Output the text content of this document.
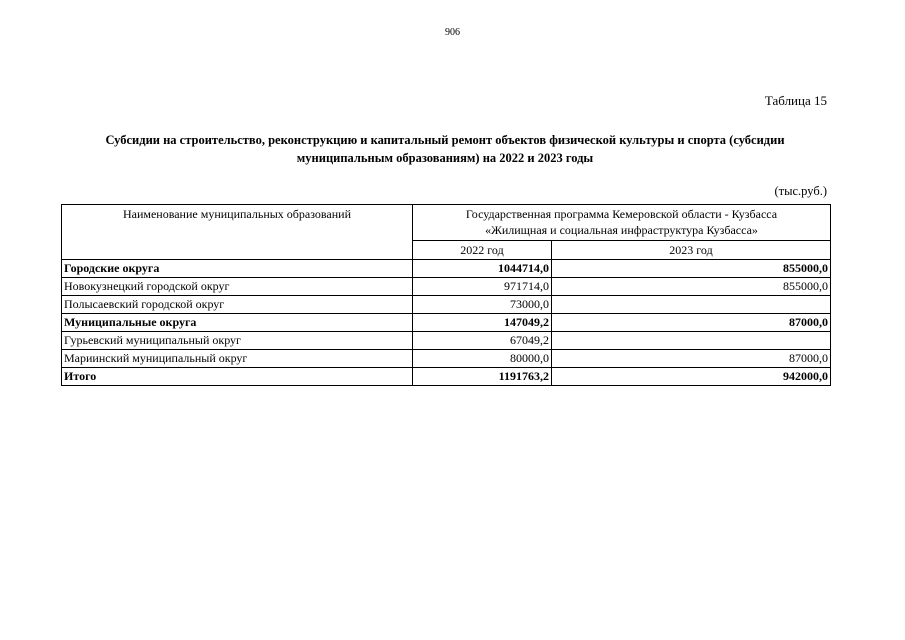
906
Таблица 15
Субсидии на строительство, реконструкцию и капитальный ремонт объектов физической культуры и спорта (субсидии
муниципальным образованиям) на 2022 и 2023 годы
(тыс.руб.)
Наименование муниципальных образований	Государственная программа Кемеровской области - Кузбасса
«Жилищная и социальная инфраструктура Кузбасса»	

	2022 год	2023 год
Городские округа	1044714,0	855000,0
Новокузнецкий городской округ	971714,0	855000,0
Полысаевский городской округ	73000,0	
Муниципальные округа	147049,2	87000,0
Гурьевский муниципальный округ	67049,2	
Мариинский муниципальный округ	80000,0	87000,0
Итого	1191763,2	942000,0
